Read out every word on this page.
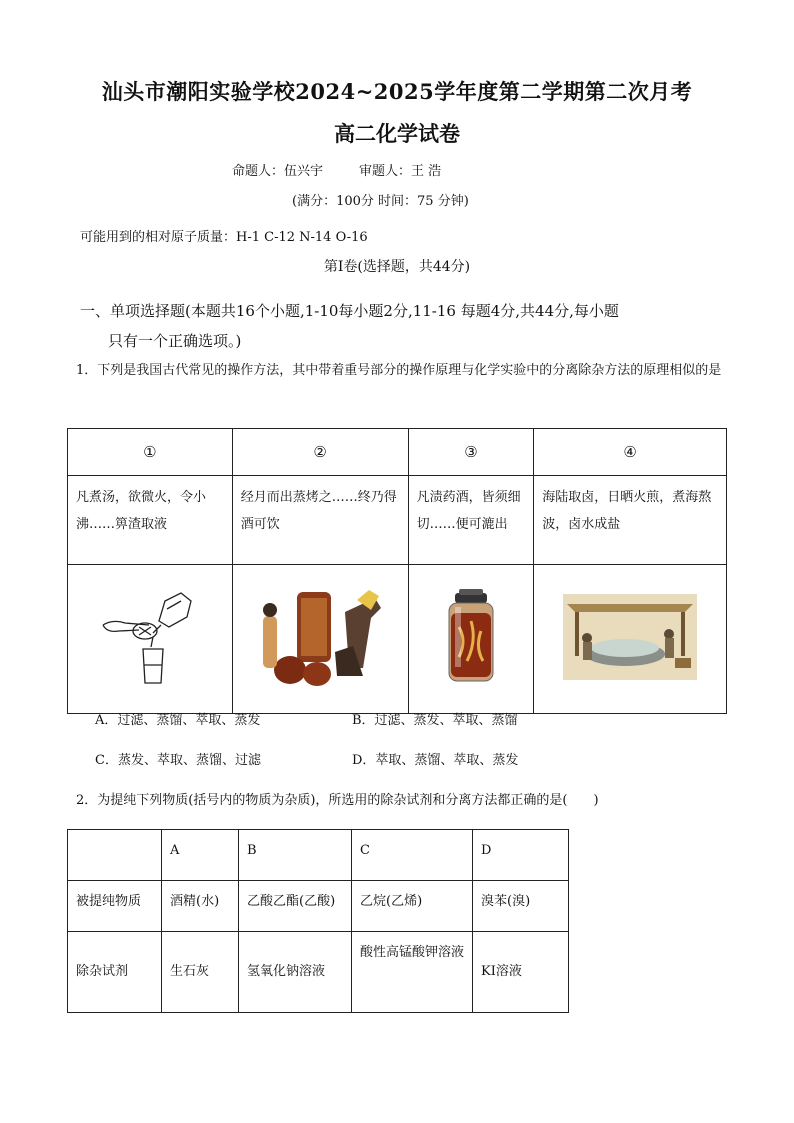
汕头市潮阳实验学校2024~2025学年度第二学期第二次月考
高二化学试卷
命题人：伍兴宇	审题人：王 浩
(满分：100分 时间：75 分钟)
可能用到的相对原子质量：H-1 C-12 N-14 O-16
第Ⅰ卷(选择题，共44分)
一、单项选择题(本题共16个小题,1-10每小题2分,11-16 每题4分,共44分,每小题
只有一个正确选项。)
1．下列是我国古代常见的操作方法，其中带着重号部分的操作原理与化学实验中的分离除杂方法的原理相似的是
①	②	③	④
凡煮汤，欲微火，令小沸……箅渣取液	经月而出蒸烤之……终乃得酒可饮	凡渍药酒，皆须细切……便可漉出	海陆取卤，日晒火煎，煮海熬波，卤水成盐

A．过滤、蒸馏、萃取、蒸发	B．过滤、蒸发、萃取、蒸馏
C．蒸发、萃取、蒸馏、过滤	D．萃取、蒸馏、萃取、蒸发
2．为提纯下列物质(括号内的物质为杂质)，所选用的除杂试剂和分离方法都正确的是(　　)
	A	B	C	D
被提纯物质	酒精(水)	乙酸乙酯(乙酸)	乙烷(乙烯)	溴苯(溴)
除杂试剂	生石灰	氢氧化钠溶液	酸性高锰酸钾溶液	KI溶液
